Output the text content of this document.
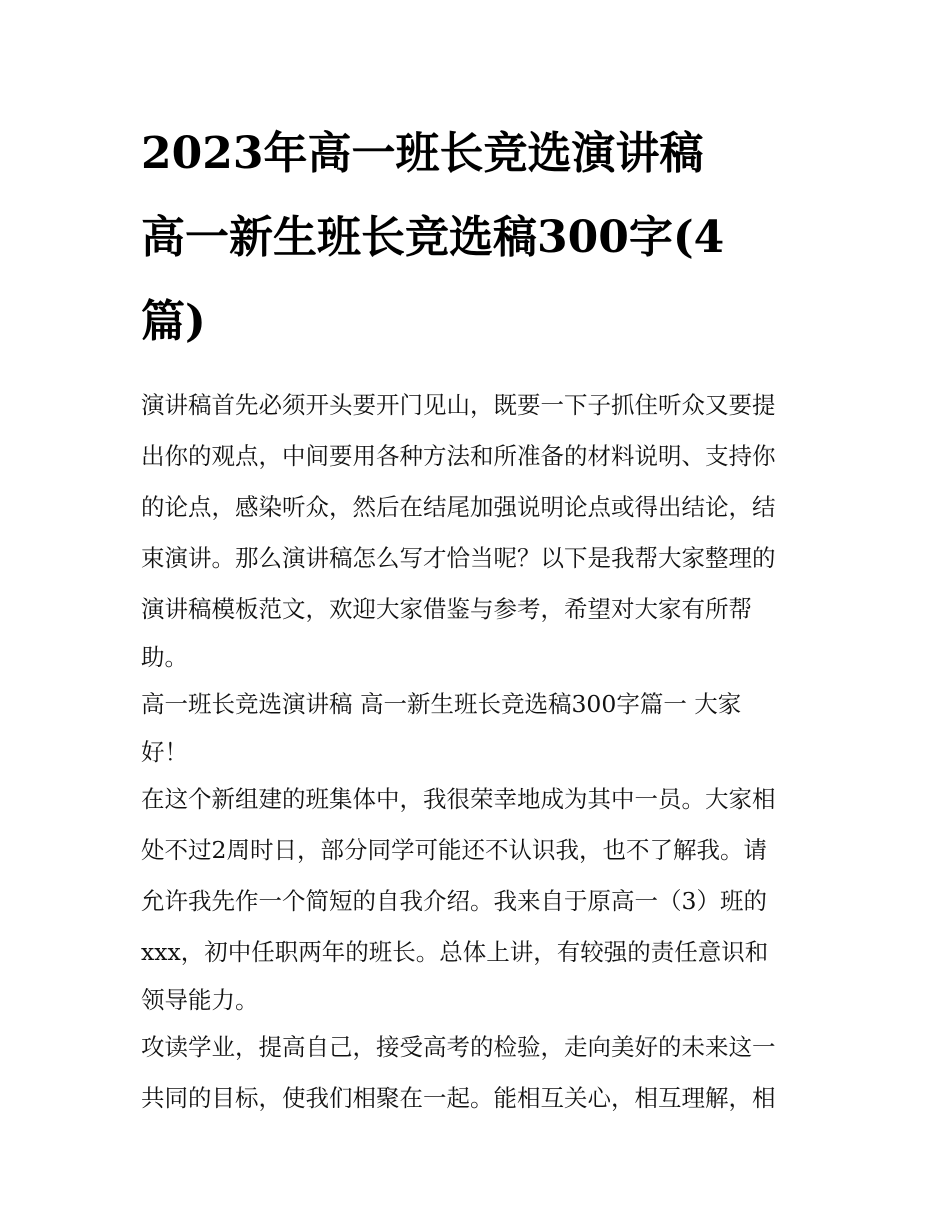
2023年高一班长竞选演讲稿
高一新生班长竞选稿300字(4
篇)

演讲稿首先必须开头要开门见山，既要一下子抓住听众又要提
出你的观点，中间要用各种方法和所准备的材料说明、支持你
的论点，感染听众，然后在结尾加强说明论点或得出结论，结
束演讲。那么演讲稿怎么写才恰当呢？以下是我帮大家整理的
演讲稿模板范文，欢迎大家借鉴与参考，希望对大家有所帮
助。

高一班长竞选演讲稿 高一新生班长竞选稿300字篇一 大家
好！

在这个新组建的班集体中，我很荣幸地成为其中一员。大家相
处不过2周时日，部分同学可能还不认识我，也不了解我。请
允许我先作一个简短的自我介绍。我来自于原高一（3）班的
xxx，初中任职两年的班长。总体上讲，有较强的责任意识和
领导能力。

攻读学业，提高自己，接受高考的检验，走向美好的未来这一
共同的目标，使我们相聚在一起。能相互关心，相互理解，相
